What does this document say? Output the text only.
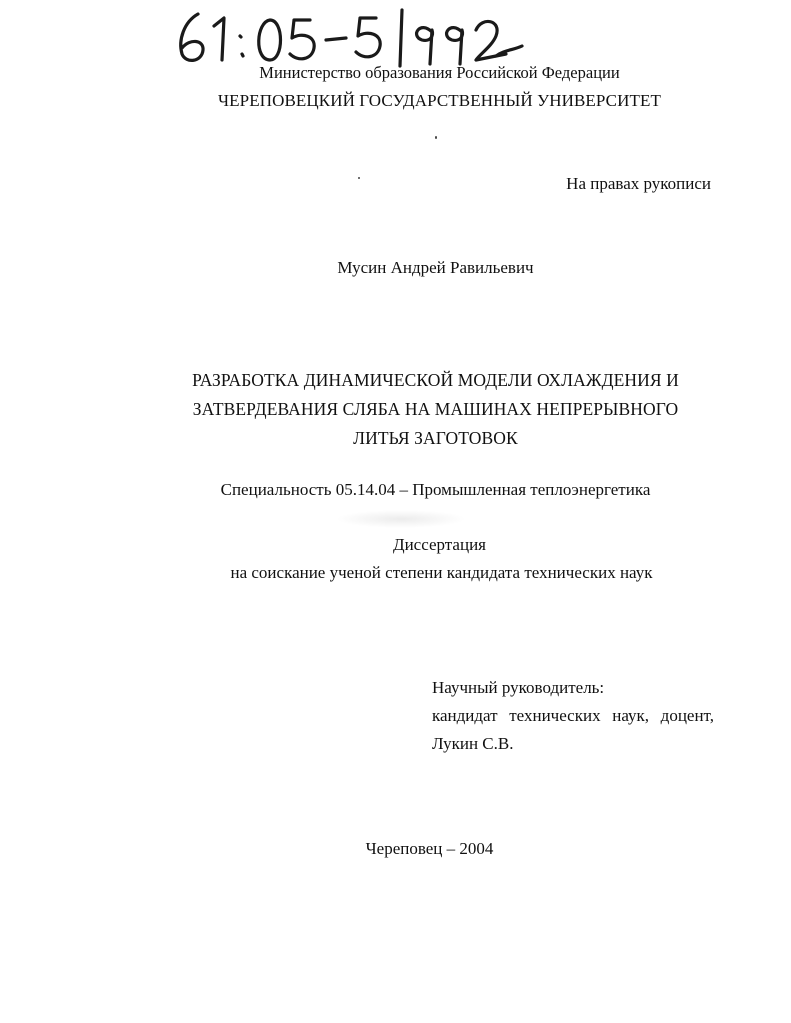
Министерство образования Российской Федерации
ЧЕРЕПОВЕЦКИЙ ГОСУДАРСТВЕННЫЙ УНИВЕРСИТЕТ
На правах рукописи
Мусин Андрей Равильевич
РАЗРАБОТКА ДИНАМИЧЕСКОЙ МОДЕЛИ ОХЛАЖДЕНИЯ И
ЗАТВЕРДЕВАНИЯ СЛЯБА НА МАШИНАХ НЕПРЕРЫВНОГО
ЛИТЬЯ ЗАГОТОВОК
Специальность 05.14.04 – Промышленная теплоэнергетика
Диссертация
на соискание ученой степени кандидата технических наук
Научный руководитель:
кандидат технических наук, доцент,
Лукин С.В.
Череповец – 2004
